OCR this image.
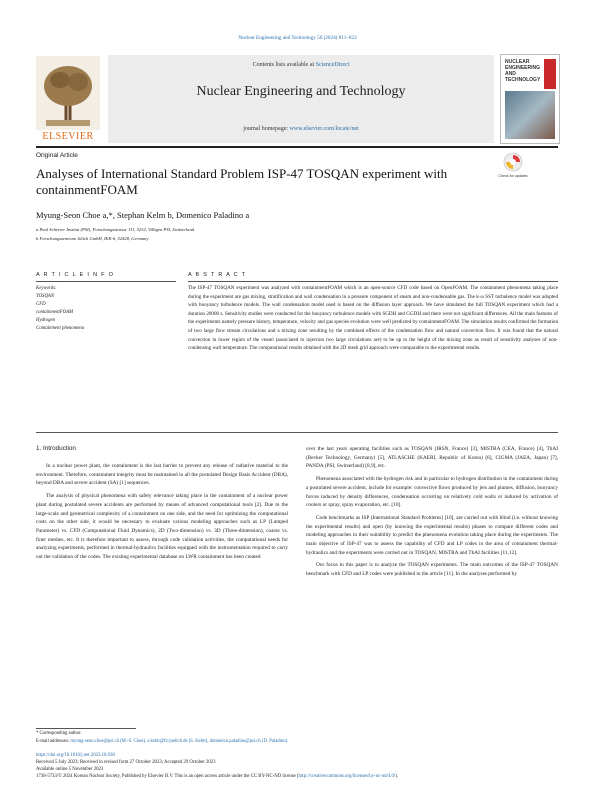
Nuclear Engineering and Technology 56 (2024) 811–823
ELSEVIER
Contents lists available at ScienceDirect
Nuclear Engineering and Technology
journal homepage: www.elsevier.com/locate/net
NUCLEAR ENGINEERING AND TECHNOLOGY
Original Article
Analyses of International Standard Problem ISP-47 TOSQAN experiment with containmentFOAM
Check for updates
Myung-Seon Choe a,*, Stephan Kelm b, Domenico Paladino a
a Paul Scherrer Institut (PSI), Forschungsstrasse 111, 5232, Villigen PSI, Switzerland
b Forschungszentrum Jülich GmbH, IEK-6, 52428, Germany
A R T I C L E I N F O	A B S T R A C T
Keywords:
TOSQAN
CFD
containmentFOAM
Hydrogen
Containment phenomena
The ISP-47 TOSQAN experiment was analyzed with containmentFOAM which is an open-source CFD code based on OpenFOAM. The containment phenomena taking place during the experiment are gas mixing, stratification and wall condensation in a pressure component of steam and non-condensable gas. The k-ω SST turbulence model was adopted with buoyancy turbulence models. The wall condensation model used is based on the diffusion layer approach. We have simulated the full TOSQAN experiment which had a duration 20000 s. Sensitivity studies were conducted for the buoyancy turbulence models with SGDH and GGDH and there were not significant differences. All the main features of the experiments namely pressure history, temperature, velocity and gas species evolution were well predicted by containmentFOAM. The simulation results confirmed the formation of two large flow stream circulations and a mixing zone resulting by the combined effects of the condensation flow and natural convection flow. It was found that the natural convection in lower region of the vessel (associated to injection two large circulations are) to be up to the height of the mixing zone as result of sensitivity analyses of non-condensing wall temperature. The computational results obtained with the 2D mesh grid approach were comparable to the experimental results.
1. Introduction

In a nuclear power plant, the containment is the last barrier to prevent any release of radiative material to the environment. Therefore, containment integrity must be maintained in all the postulated Design Basis Accident (DBA), beyond DBA and severe accident (SA) [1] sequences.

The analysis of physical phenomena with safety relevance taking place in the containment of a nuclear power plant during postulated severe accidents are performed by means of advanced computational tools [2]. Due to the large-scale and geometrical complexity of a containment on one side, and the need for optimizing the computational costs on the other side, it would be necessary to evaluate various modeling approaches such as LP (Lumped Parameter) vs. CFD (Computational Fluid Dynamics), 2D (Two-dimension) vs. 3D (Three-dimension), coarse vs. finer meshes, etc. It is therefore important to assess, through code validation activities, the computational needs for analyzing experiments, performed in thermal-hydraulics facilities equipped with the instrumentation required to carry out the validation of the codes. The existing experimental database on LWR containment has been created

over the last years operating facilities such as TOSQAN (IRSN, France) [3], MISTRA (CEA, France) [4], ThAI (Becker Technology, Germany) [5], ATLASCHE (KAERI, Republic of Korea) [6], CIGMA (JAEA, Japan) [7], PANDA (PSI, Switzerland) [8,9], etc.

Phenomena associated with the hydrogen risk and in particular to hydrogen distribution in the containment during a postulated severe accident, include for example: convective flows produced by jets and plumes, diffusion, buoyancy forces induced by density differences, condensation occurring on relatively cold walls or induced by activation of coolers or spray, spray evaporation, etc. [10].

Code benchmarks as ISP (International Standard Problems) [10], are carried out with blind (i.e. without knowing the experimental results) and open (by knowing the experimental results) phases to compare different codes and modeling approaches in their suitability to predict the phenomena evolution taking place during the experiments. The main objective of ISP-47 was to assess the capability of CFD and LP codes in the area of containment thermal-hydraulics and the experiments were carried out in TOSQAN, MISTRA and ThAI facilities [11,12].

Our focus in this paper is to analyze the TOSQAN experiments. The main outcomes of the ISP-47 TOSQAN benchmark with CFD and LP codes were published in the article [11]. In the analyses performed by

* Corresponding author.
E-mail addresses: myung-seon.choe@psi.ch (M.-S. Choe), s.kelm@fz-juelich.de (S. Kelm), domenico.paladino@psi.ch (D. Paladino).
https://doi.org/10.1016/j.net.2023.10.038
Received 5 July 2023; Received in revised form 27 October 2023; Accepted 29 October 2023
Available online 5 November 2023
1738-5733/© 2024 Korean Nuclear Society, Published by Elsevier B.V. This is an open access article under the CC BY-NC-ND license (http://creativecommons.org/licenses/by-nc-nd/4.0/).
